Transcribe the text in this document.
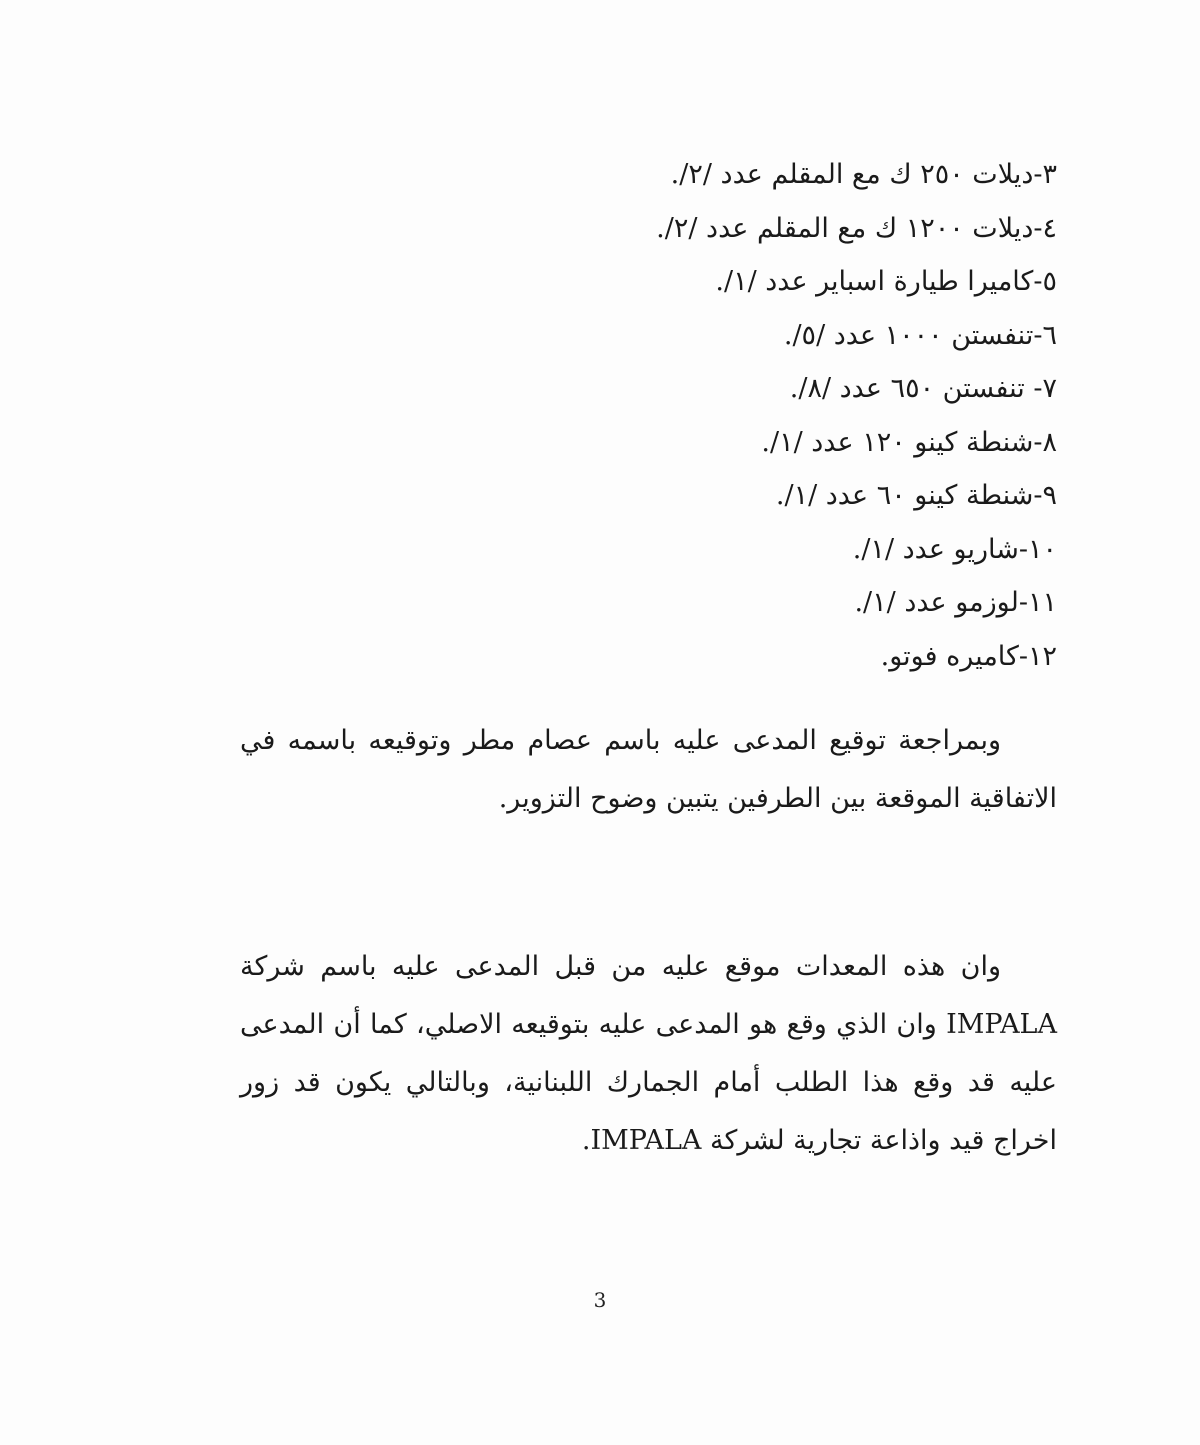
٣-ديلات ٢٥٠ ك مع المقلم عدد /٢/.
٤-ديلات ١٢٠٠ ك مع المقلم عدد /٢/.
٥-كاميرا طيارة اسباير عدد /١/.
٦-تنفستن ١٠٠٠ عدد /٥/.
٧- تنفستن ٦٥٠ عدد /٨/.
٨-شنطة كينو ١٢٠ عدد /١/.
٩-شنطة كينو ٦٠ عدد /١/.
١٠-شاريو عدد /١/.
١١-لوزمو عدد /١/.
١٢-كاميره فوتو.

وبمراجعة توقيع المدعى عليه باسم عصام مطر وتوقيعه باسمه في الاتفاقية الموقعة بين الطرفين يتبين وضوح التزوير.

وان هذه المعدات موقع عليه من قبل المدعى عليه باسم شركة IMPALA وان الذي وقع هو المدعى عليه بتوقيعه الاصلي، كما أن المدعى عليه قد وقع هذا الطلب أمام الجمارك اللبنانية، وبالتالي يكون قد زور اخراج قيد واذاعة تجارية لشركة IMPALA.

3
